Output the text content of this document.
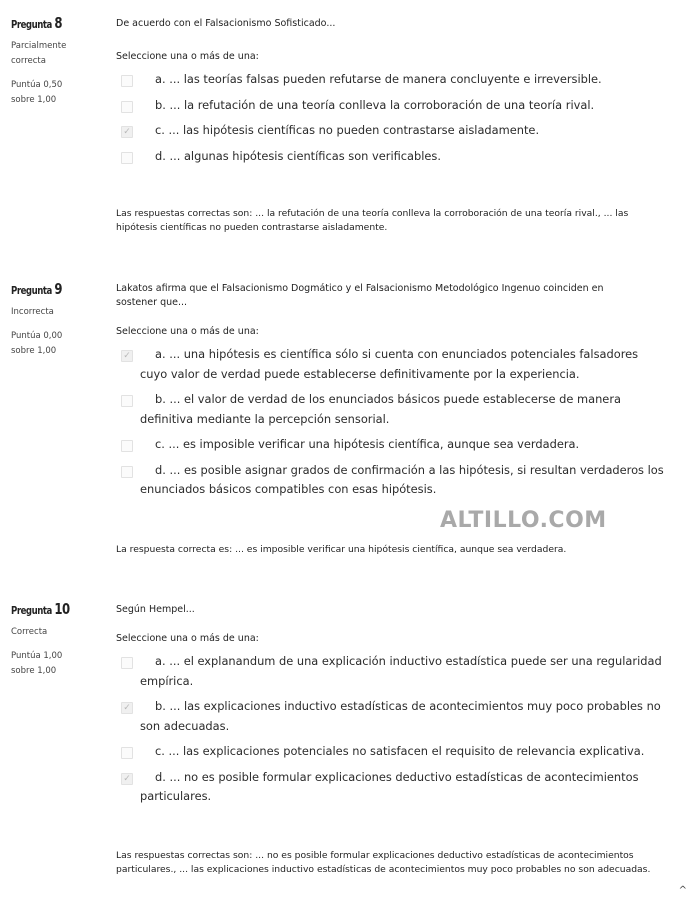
Pregunta 8
Parcialmente correcta
Puntúa 0,50 sobre 1,00
De acuerdo con el Falsacionismo Sofisticado...
Seleccione una o más de una:
a. ... las teorías falsas pueden refutarse de manera concluyente e irreversible.
b. ... la refutación de una teoría conlleva la corroboración de una teoría rival.
✓	c. ... las hipótesis científicas no pueden contrastarse aisladamente.
d. ... algunas hipótesis científicas son verificables.
Las respuestas correctas son: ... la refutación de una teoría conlleva la corroboración de una teoría rival., ... las hipótesis científicas no pueden contrastarse aisladamente.
Pregunta 9
Incorrecta
Puntúa 0,00 sobre 1,00
Lakatos afirma que el Falsacionismo Dogmático y el Falsacionismo Metodológico Ingenuo coinciden en sostener que...
Seleccione una o más de una:
✓	a. ... una hipótesis es científica sólo si cuenta con enunciados potenciales falsadores cuyo valor de verdad puede establecerse definitivamente por la experiencia.
b. ... el valor de verdad de los enunciados básicos puede establecerse de manera definitiva mediante la percepción sensorial.
c. ... es imposible verificar una hipótesis científica, aunque sea verdadera.
d. ... es posible asignar grados de confirmación a las hipótesis, si resultan verdaderos los enunciados básicos compatibles con esas hipótesis.
La respuesta correcta es: ... es imposible verificar una hipótesis científica, aunque sea verdadera.
ALTILLO.COM
Pregunta 10
Correcta
Puntúa 1,00 sobre 1,00
Según Hempel...
Seleccione una o más de una:
a. ... el explanandum de una explicación inductivo estadística puede ser una regularidad empírica.
✓	b. ... las explicaciones inductivo estadísticas de acontecimientos muy poco probables no son adecuadas.
c. ... las explicaciones potenciales no satisfacen el requisito de relevancia explicativa.
✓	d. ... no es posible formular explicaciones deductivo estadísticas de acontecimientos particulares.
Las respuestas correctas son: ... no es posible formular explicaciones deductivo estadísticas de acontecimientos particulares., ... las explicaciones inductivo estadísticas de acontecimientos muy poco probables no son adecuadas.
^
